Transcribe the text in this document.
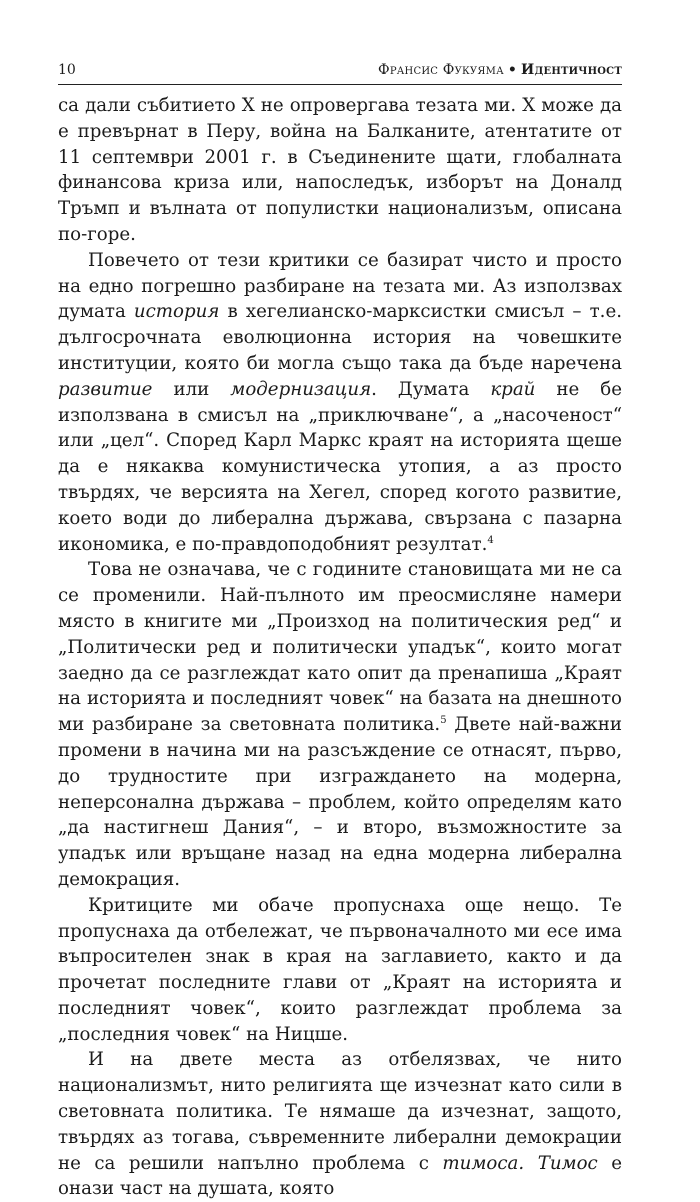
10	Франсис Фукуяма • Идентичност

са дали събитието Х не опровергава тезата ми. Х може да е превърнат в Перу, война на Балканите, атентатите от 11 септември 2001 г. в Съединените щати, глобалната финансова криза или, напоследък, изборът на Доналд Тръмп и вълната от популистки национализъм, описана по-горе.

Повечето от тези критики се базират чисто и просто на едно погрешно разбиране на тезата ми. Аз използвах думата история в хегелианско-марксистки смисъл – т.е. дългосрочната еволюционна история на човешките институции, която би могла също така да бъде наречена развитие или модернизация. Думата край не бе използвана в смисъл на „приключване“, а „насоченост“ или „цел“. Според Карл Маркс краят на историята щеше да е някаква комунистическа утопия, а аз просто твърдях, че версията на Хегел, според когото развитие, което води до либерална държава, свързана с пазарна икономика, е по-правдоподобният резултат.$^4$

Това не означава, че с годините становищата ми не са се променили. Най-пълното им преосмисляне намери място в книгите ми „Произход на политическия ред“ и „Политически ред и политически упадък“, които могат заедно да се разглеждат като опит да пренапиша „Краят на историята и последният човек“ на базата на днешното ми разбиране за световната политика.$^5$ Двете най-важни промени в начина ми на разсъждение се отнасят, първо, до трудностите при изграждането на модерна, неперсонална държава – проблем, който определям като „да настигнеш Дания“, – и второ, възможностите за упадък или връщане назад на една модерна либерална демокрация.

Критиците ми обаче пропуснаха още нещо. Те пропуснаха да отбележат, че първоначалното ми есе има въпросителен знак в края на заглавието, както и да прочетат последните глави от „Краят на историята и последният човек“, които разглеждат проблема за „последния човек“ на Ницше.

И на двете места аз отбелязвах, че нито национализмът, нито религията ще изчезнат като сили в световната политика. Те нямаше да изчезнат, защото, твърдях аз тогава, съвременните либерални демокрации не са решили напълно проблема с тимоса. Тимос е онази част на душата, която
